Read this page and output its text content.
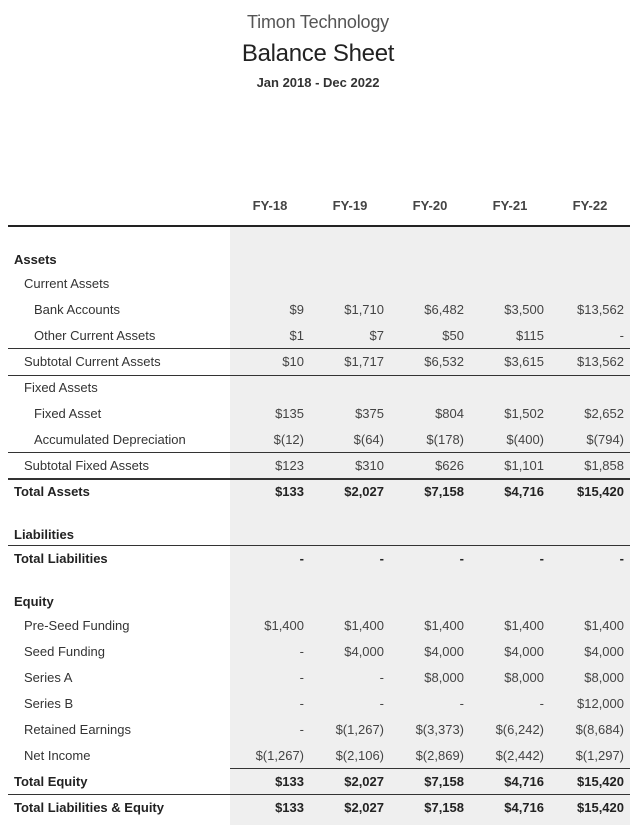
Timon Technology
Balance Sheet
Jan 2018 - Dec 2022
FY-18	FY-19	FY-20	FY-21	FY-22
Assets
Current Assets
Bank Accounts	$9	$1,710	$6,482	$3,500	$13,562
Other Current Assets	$1	$7	$50	$115	-
Subtotal Current Assets	$10	$1,717	$6,532	$3,615	$13,562
Fixed Assets
Fixed Asset	$135	$375	$804	$1,502	$2,652
Accumulated Depreciation	$(12)	$(64)	$(178)	$(400)	$(794)
Subtotal Fixed Assets	$123	$310	$626	$1,101	$1,858
Total Assets	$133	$2,027	$7,158	$4,716	$15,420
Liabilities
Total Liabilities	-	-	-	-	-
Equity
Pre-Seed Funding	$1,400	$1,400	$1,400	$1,400	$1,400
Seed Funding	-	$4,000	$4,000	$4,000	$4,000
Series A	-	-	$8,000	$8,000	$8,000
Series B	-	-	-	-	$12,000
Retained Earnings	-	$(1,267)	$(3,373)	$(6,242)	$(8,684)
Net Income	$(1,267)	$(2,106)	$(2,869)	$(2,442)	$(1,297)
Total Equity	$133	$2,027	$7,158	$4,716	$15,420
Total Liabilities & Equity	$133	$2,027	$7,158	$4,716	$15,420
